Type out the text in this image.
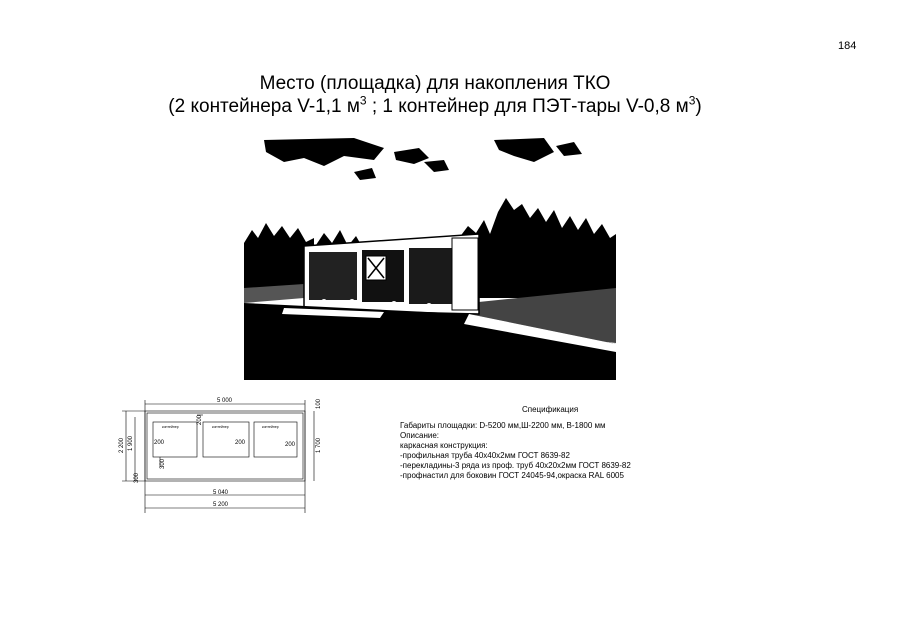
184
Место (площадка) для накопления ТКО
(2 контейнера V-1,1 $м^3$ ; 1 контейнер для ПЭТ-тары V-0,8 $м^3$)
5 000
5 040
5 200
2 200 1 900
300
1 700
100
200
300
200	200	200
контейнер	контейнер	контейнер
Спецификация
Габариты площадки: D-5200 мм,Ш-2200 мм, В-1800 мм
Описание:
каркасная конструкция:
-профильная труба 40х40х2мм ГОСТ 8639-82
-перекладины-3 ряда из проф. труб 40х20х2мм ГОСТ 8639-82
-профнастил для боковин ГОСТ 24045-94,окраска RAL 6005
